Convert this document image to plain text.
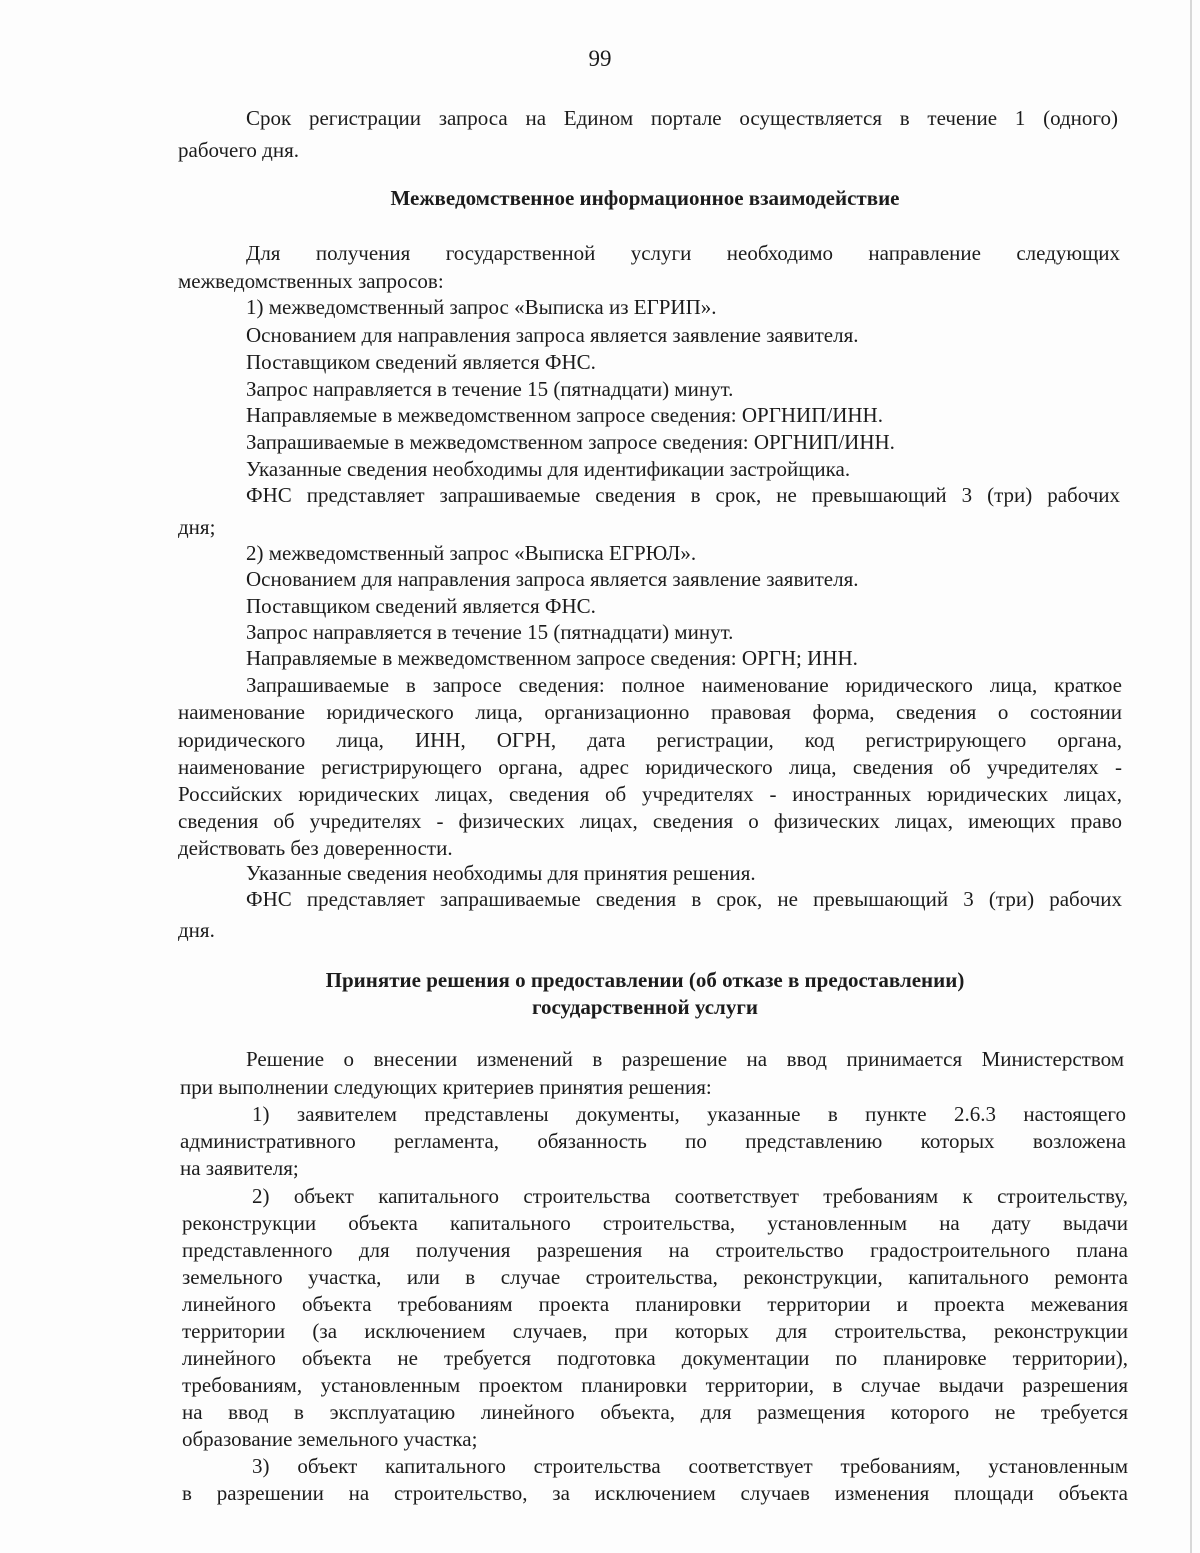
99
Срок регистрации запроса на Едином портале осуществляется в течение 1 (одного)
рабочего дня.
Межведомственное информационное взаимодействие
Для получения государственной услуги необходимо направление следующих
межведомственных запросов:
1) межведомственный запрос «Выписка из ЕГРИП».
Основанием для направления запроса является заявление заявителя.
Поставщиком сведений является ФНС.
Запрос направляется в течение 15 (пятнадцати) минут.
Направляемые в межведомственном запросе сведения: ОРГНИП/ИНН.
Запрашиваемые в межведомственном запросе сведения: ОРГНИП/ИНН.
Указанные сведения необходимы для идентификации застройщика.
ФНС представляет запрашиваемые сведения в срок, не превышающий 3 (три) рабочих
дня;
2) межведомственный запрос «Выписка ЕГРЮЛ».
Основанием для направления запроса является заявление заявителя.
Поставщиком сведений является ФНС.
Запрос направляется в течение 15 (пятнадцати) минут.
Направляемые в межведомственном запросе сведения: ОРГН; ИНН.
Запрашиваемые в запросе сведения: полное наименование юридического лица, краткое
наименование юридического лица, организационно правовая форма, сведения о состоянии
юридического лица, ИНН, ОГРН, дата регистрации, код регистрирующего органа,
наименование регистрирующего органа, адрес юридического лица, сведения об учредителях -
Российских юридических лицах, сведения об учредителях - иностранных юридических лицах,
сведения об учредителях - физических лицах, сведения о физических лицах, имеющих право
действовать без доверенности.
Указанные сведения необходимы для принятия решения.
ФНС представляет запрашиваемые сведения в срок, не превышающий 3 (три) рабочих
дня.
Принятие решения о предоставлении (об отказе в предоставлении)
государственной услуги
Решение о внесении изменений в разрешение на ввод принимается Министерством
при выполнении следующих критериев принятия решения:
1) заявителем представлены документы, указанные в пункте 2.6.3 настоящего
административного регламента, обязанность по представлению которых возложена
на заявителя;
2) объект капитального строительства соответствует требованиям к строительству,
реконструкции объекта капитального строительства, установленным на дату выдачи
представленного для получения разрешения на строительство градостроительного плана
земельного участка, или в случае строительства, реконструкции, капитального ремонта
линейного объекта требованиям проекта планировки территории и проекта межевания
территории (за исключением случаев, при которых для строительства, реконструкции
линейного объекта не требуется подготовка документации по планировке территории),
требованиям, установленным проектом планировки территории, в случае выдачи разрешения
на ввод в эксплуатацию линейного объекта, для размещения которого не требуется
образование земельного участка;
3) объект капитального строительства соответствует требованиям, установленным
в разрешении на строительство, за исключением случаев изменения площади объекта
